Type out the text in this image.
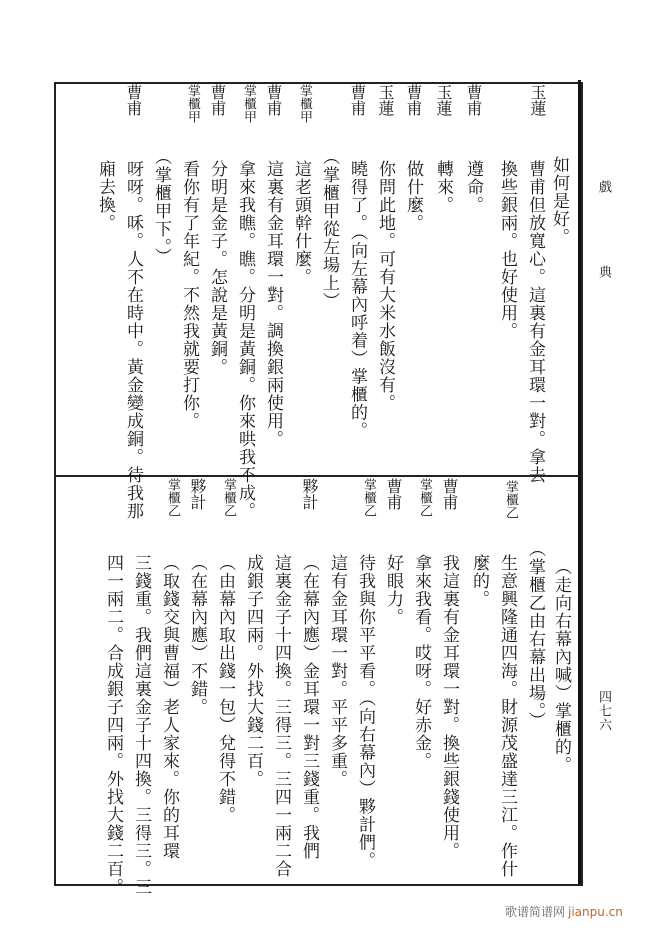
戲
典
四七六
玉蓮
如何是好。
曹甫但放寬心。這裏有金耳環一對。拿去
換些銀兩。也好使用。
曹甫
遵命。
玉蓮
轉來。
曹甫
做什麼。
玉蓮
你問此地。可有大米水飯沒有。
曹甫
曉得了。（向左幕內呼着）掌櫃的。
（掌櫃甲從左場上）
掌櫃甲
這老頭幹什麼。
曹甫
這裏有金耳環一對。調換銀兩使用。
掌櫃甲
拿來我瞧。瞧。分明是黃銅。你來哄我不成。
曹甫
分明是金子。怎說是黃銅。
掌櫃甲
看你有了年紀。不然我就要打你。
（掌櫃甲下。）
曹甫
呀呀。咊。人不在時中。黃金變成銅。待我那
廂去換。
（走向右幕內喊）掌櫃的。
（掌櫃乙由右幕出場。）
掌櫃乙
生意興隆通四海。財源茂盛達三江。作什
麼的。
曹甫
我這裏有金耳環一對。換些銀錢使用。
掌櫃乙
拿來我看。哎呀。好赤金。
曹甫
好眼力。
掌櫃乙
待我與你平平看。（向右幕內）夥計們。
這有金耳環一對。平平多重。
夥計
（在幕內應）金耳環一對三錢重。我們
這裏金子十四換。三得三。三四一兩二合
成銀子四兩。外找大錢二百。
掌櫃乙
（由幕內取出錢一包）兌得不錯。
夥計
（在幕內應）不錯。
掌櫃乙
（取錢交與曹福）老人家來。你的耳環
三錢重。我們這裏金子十四換。三得三。三
四一兩二。合成銀子四兩。外找大錢二百。
歌谱简谱网 jianpu.cn
